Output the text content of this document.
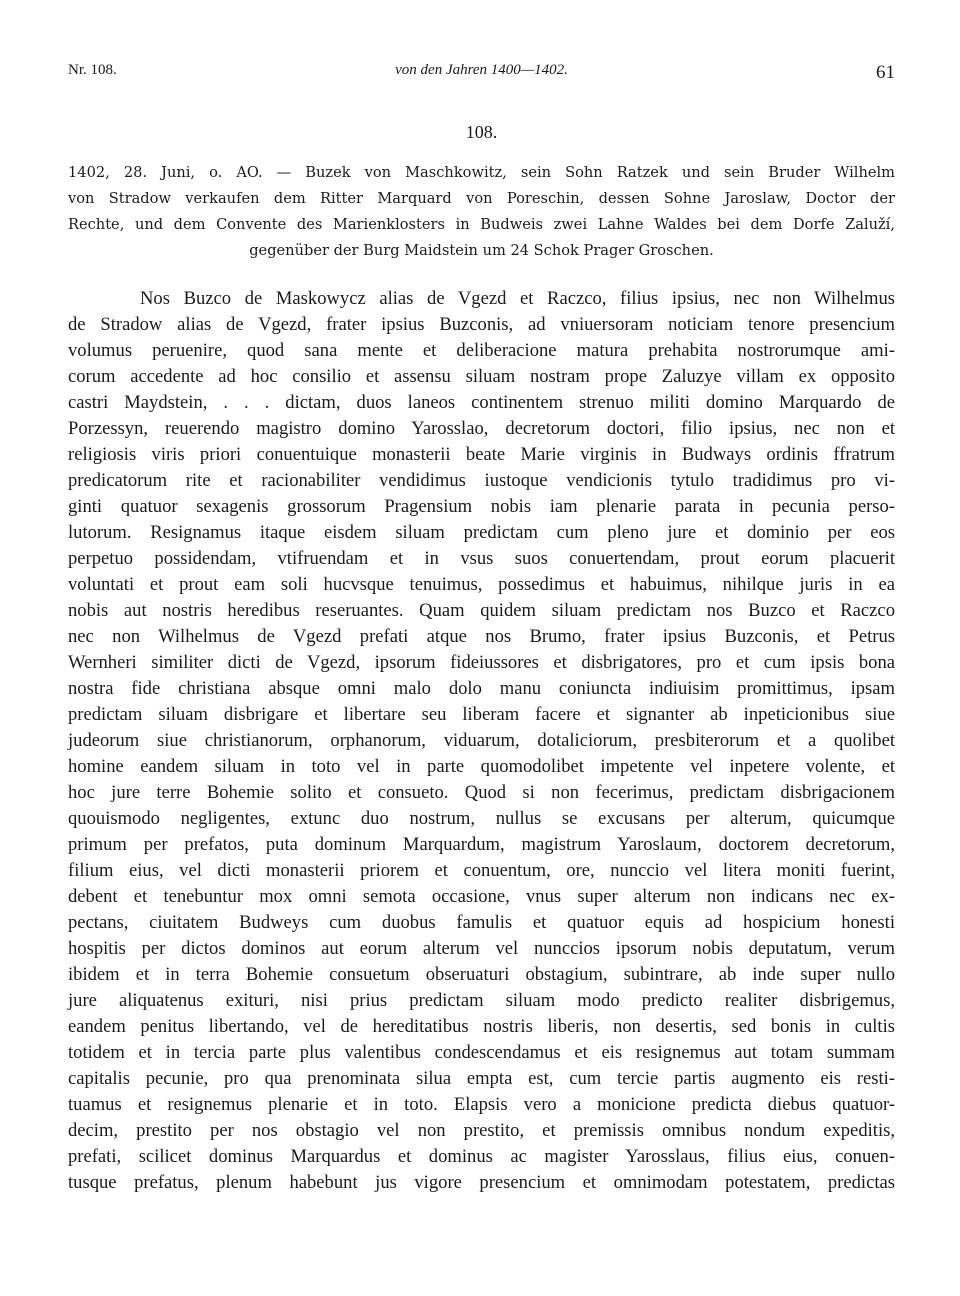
Nr. 108.	von den Jahren 1400—1402.	61
108.
1402, 28. Juni, o. AO. — Buzek von Maschkowitz, sein Sohn Ratzek und sein Bruder Wilhelm
von Stradow verkaufen dem Ritter Marquard von Poreschin, dessen Sohne Jaroslaw, Doctor der
Rechte, und dem Convente des Marienklosters in Budweis zwei Lahne Waldes bei dem Dorfe Zaluží,
gegenüber der Burg Maidstein um 24 Schok Prager Groschen.
Nos Buzco de Maskowycz alias de Vgezd et Raczco, filius ipsius, nec non Wilhelmus
de Stradow alias de Vgezd, frater ipsius Buzconis, ad vniuersoram noticiam tenore presencium
volumus peruenire, quod sana mente et deliberacione matura prehabita nostrorumque ami-
corum accedente ad hoc consilio et assensu siluam nostram prope Zaluzye villam ex opposito
castri Maydstein, . . . dictam, duos laneos continentem strenuo militi domino Marquardo de
Porzessyn, reuerendo magistro domino Yarosslao, decretorum doctori, filio ipsius, nec non et
religiosis viris priori conuentuique monasterii beate Marie virginis in Budways ordinis ffratrum
predicatorum rite et racionabiliter vendidimus iustoque vendicionis tytulo tradidimus pro vi-
ginti quatuor sexagenis grossorum Pragensium nobis iam plenarie parata in pecunia perso-
lutorum. Resignamus itaque eisdem siluam predictam cum pleno jure et dominio per eos
perpetuo possidendam, vtifruendam et in vsus suos conuertendam, prout eorum placuerit
voluntati et prout eam soli hucvsque tenuimus, possedimus et habuimus, nihilque juris in ea
nobis aut nostris heredibus reseruantes. Quam quidem siluam predictam nos Buzco et Raczco
nec non Wilhelmus de Vgezd prefati atque nos Brumo, frater ipsius Buzconis, et Petrus
Wernheri similiter dicti de Vgezd, ipsorum fideiussores et disbrigatores, pro et cum ipsis bona
nostra fide christiana absque omni malo dolo manu coniuncta indiuisim promittimus, ipsam
predictam siluam disbrigare et libertare seu liberam facere et signanter ab inpeticionibus siue
judeorum siue christianorum, orphanorum, viduarum, dotaliciorum, presbiterorum et a quolibet
homine eandem siluam in toto vel in parte quomodolibet impetente vel inpetere volente, et
hoc jure terre Bohemie solito et consueto. Quod si non fecerimus, predictam disbrigacionem
quouismodo negligentes, extunc duo nostrum, nullus se excusans per alterum, quicumque
primum per prefatos, puta dominum Marquardum, magistrum Yaroslaum, doctorem decretorum,
filium eius, vel dicti monasterii priorem et conuentum, ore, nunccio vel litera moniti fuerint,
debent et tenebuntur mox omni semota occasione, vnus super alterum non indicans nec ex-
pectans, ciuitatem Budweys cum duobus famulis et quatuor equis ad hospicium honesti
hospitis per dictos dominos aut eorum alterum vel nunccios ipsorum nobis deputatum, verum
ibidem et in terra Bohemie consuetum obseruaturi obstagium, subintrare, ab inde super nullo
jure aliquatenus exituri, nisi prius predictam siluam modo predicto realiter disbrigemus,
eandem penitus libertando, vel de hereditatibus nostris liberis, non desertis, sed bonis in cultis
totidem et in tercia parte plus valentibus condescendamus et eis resignemus aut totam summam
capitalis pecunie, pro qua prenominata silua empta est, cum tercie partis augmento eis resti-
tuamus et resignemus plenarie et in toto. Elapsis vero a monicione predicta diebus quatuor-
decim, prestito per nos obstagio vel non prestito, et premissis omnibus nondum expeditis,
prefati, scilicet dominus Marquardus et dominus ac magister Yarosslaus, filius eius, conuen-
tusque prefatus, plenum habebunt jus vigore presencium et omnimodam potestatem, predictas
